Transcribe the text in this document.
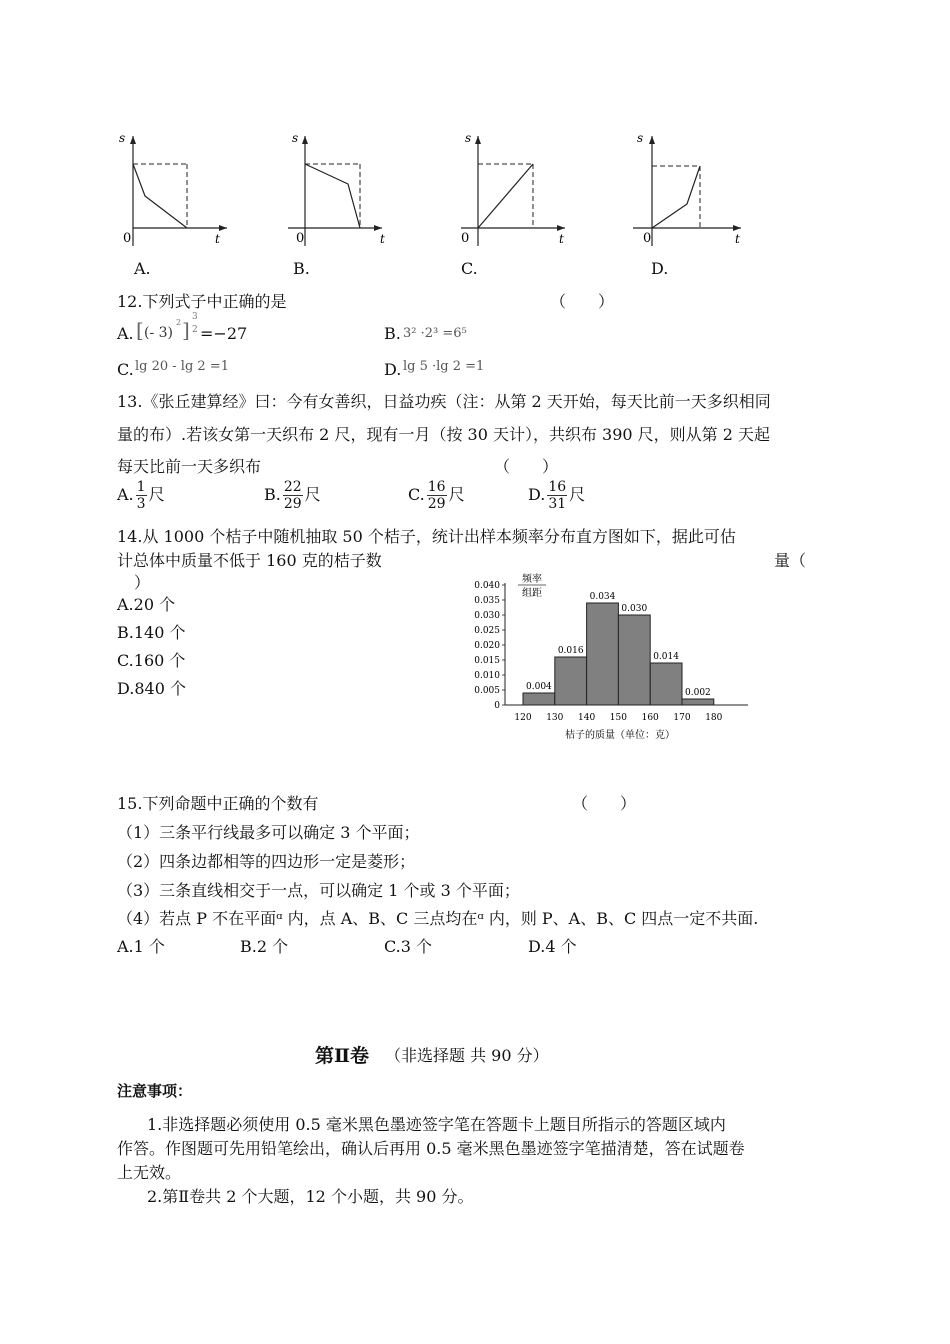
s
t
0
s
t
0
s
t
0
s
t
0
A.	B.	C.	D.
12.下列式子中正确的是	（　　）
A. [ (- 3)
2 ]
3
2 =−27	B. 3² ·2³ =6⁵
C. lg 20 - lg 2 =1	D. lg 5 ·lg 2 =1
13.《张丘建算经》曰：今有女善织，日益功疾（注：从第 2 天开始，每天比前一天多织相同
量的布）.若该女第一天织布 2 尺，现有一月（按 30 天计），共织布 390 尺，则从第 2 天起
每天比前一天多织布	（　　）
A. $\frac{1}{3}$ 尺	B. $\frac{22}{29}$ 尺	C. $\frac{16}{29}$ 尺	D. $\frac{16}{31}$ 尺
14.从 1000 个桔子中随机抽取 50 个桔子，统计出样本频率分布直方图如下，据此可估
计总体中质量不低于 160 克的桔子数	量（
）
A.20 个
B.140 个
C.160 个
D.840 个
0
0.005
0.010
0.015
0.020
0.025
0.030
0.035
0.040
120 130 140 150 160 170 180
0.004
0.016
0.034
0.030
0.014
0.002
频率
组距
桔子的质量（单位：克）
15.下列命题中正确的个数有	（　　）
（1）三条平行线最多可以确定 3 个平面；
（2）四条边都相等的四边形一定是菱形；
（3）三条直线相交于一点，可以确定 1 个或 3 个平面；
（4）若点 P 不在平面ᵅ 内，点 A、B、C 三点均在ᵅ 内，则 P、A、B、C 四点一定不共面.
A.1 个	B.2 个	C.3 个	D.4 个
第Ⅱ卷 （非选择题 共 90 分）
注意事项：
1.非选择题必须使用 0.5 毫米黑色墨迹签字笔在答题卡上题目所指示的答题区域内
作答。作图题可先用铅笔绘出，确认后再用 0.5 毫米黑色墨迹签字笔描清楚，答在试题卷
上无效。
2.第Ⅱ卷共 2 个大题，12 个小题，共 90 分。
